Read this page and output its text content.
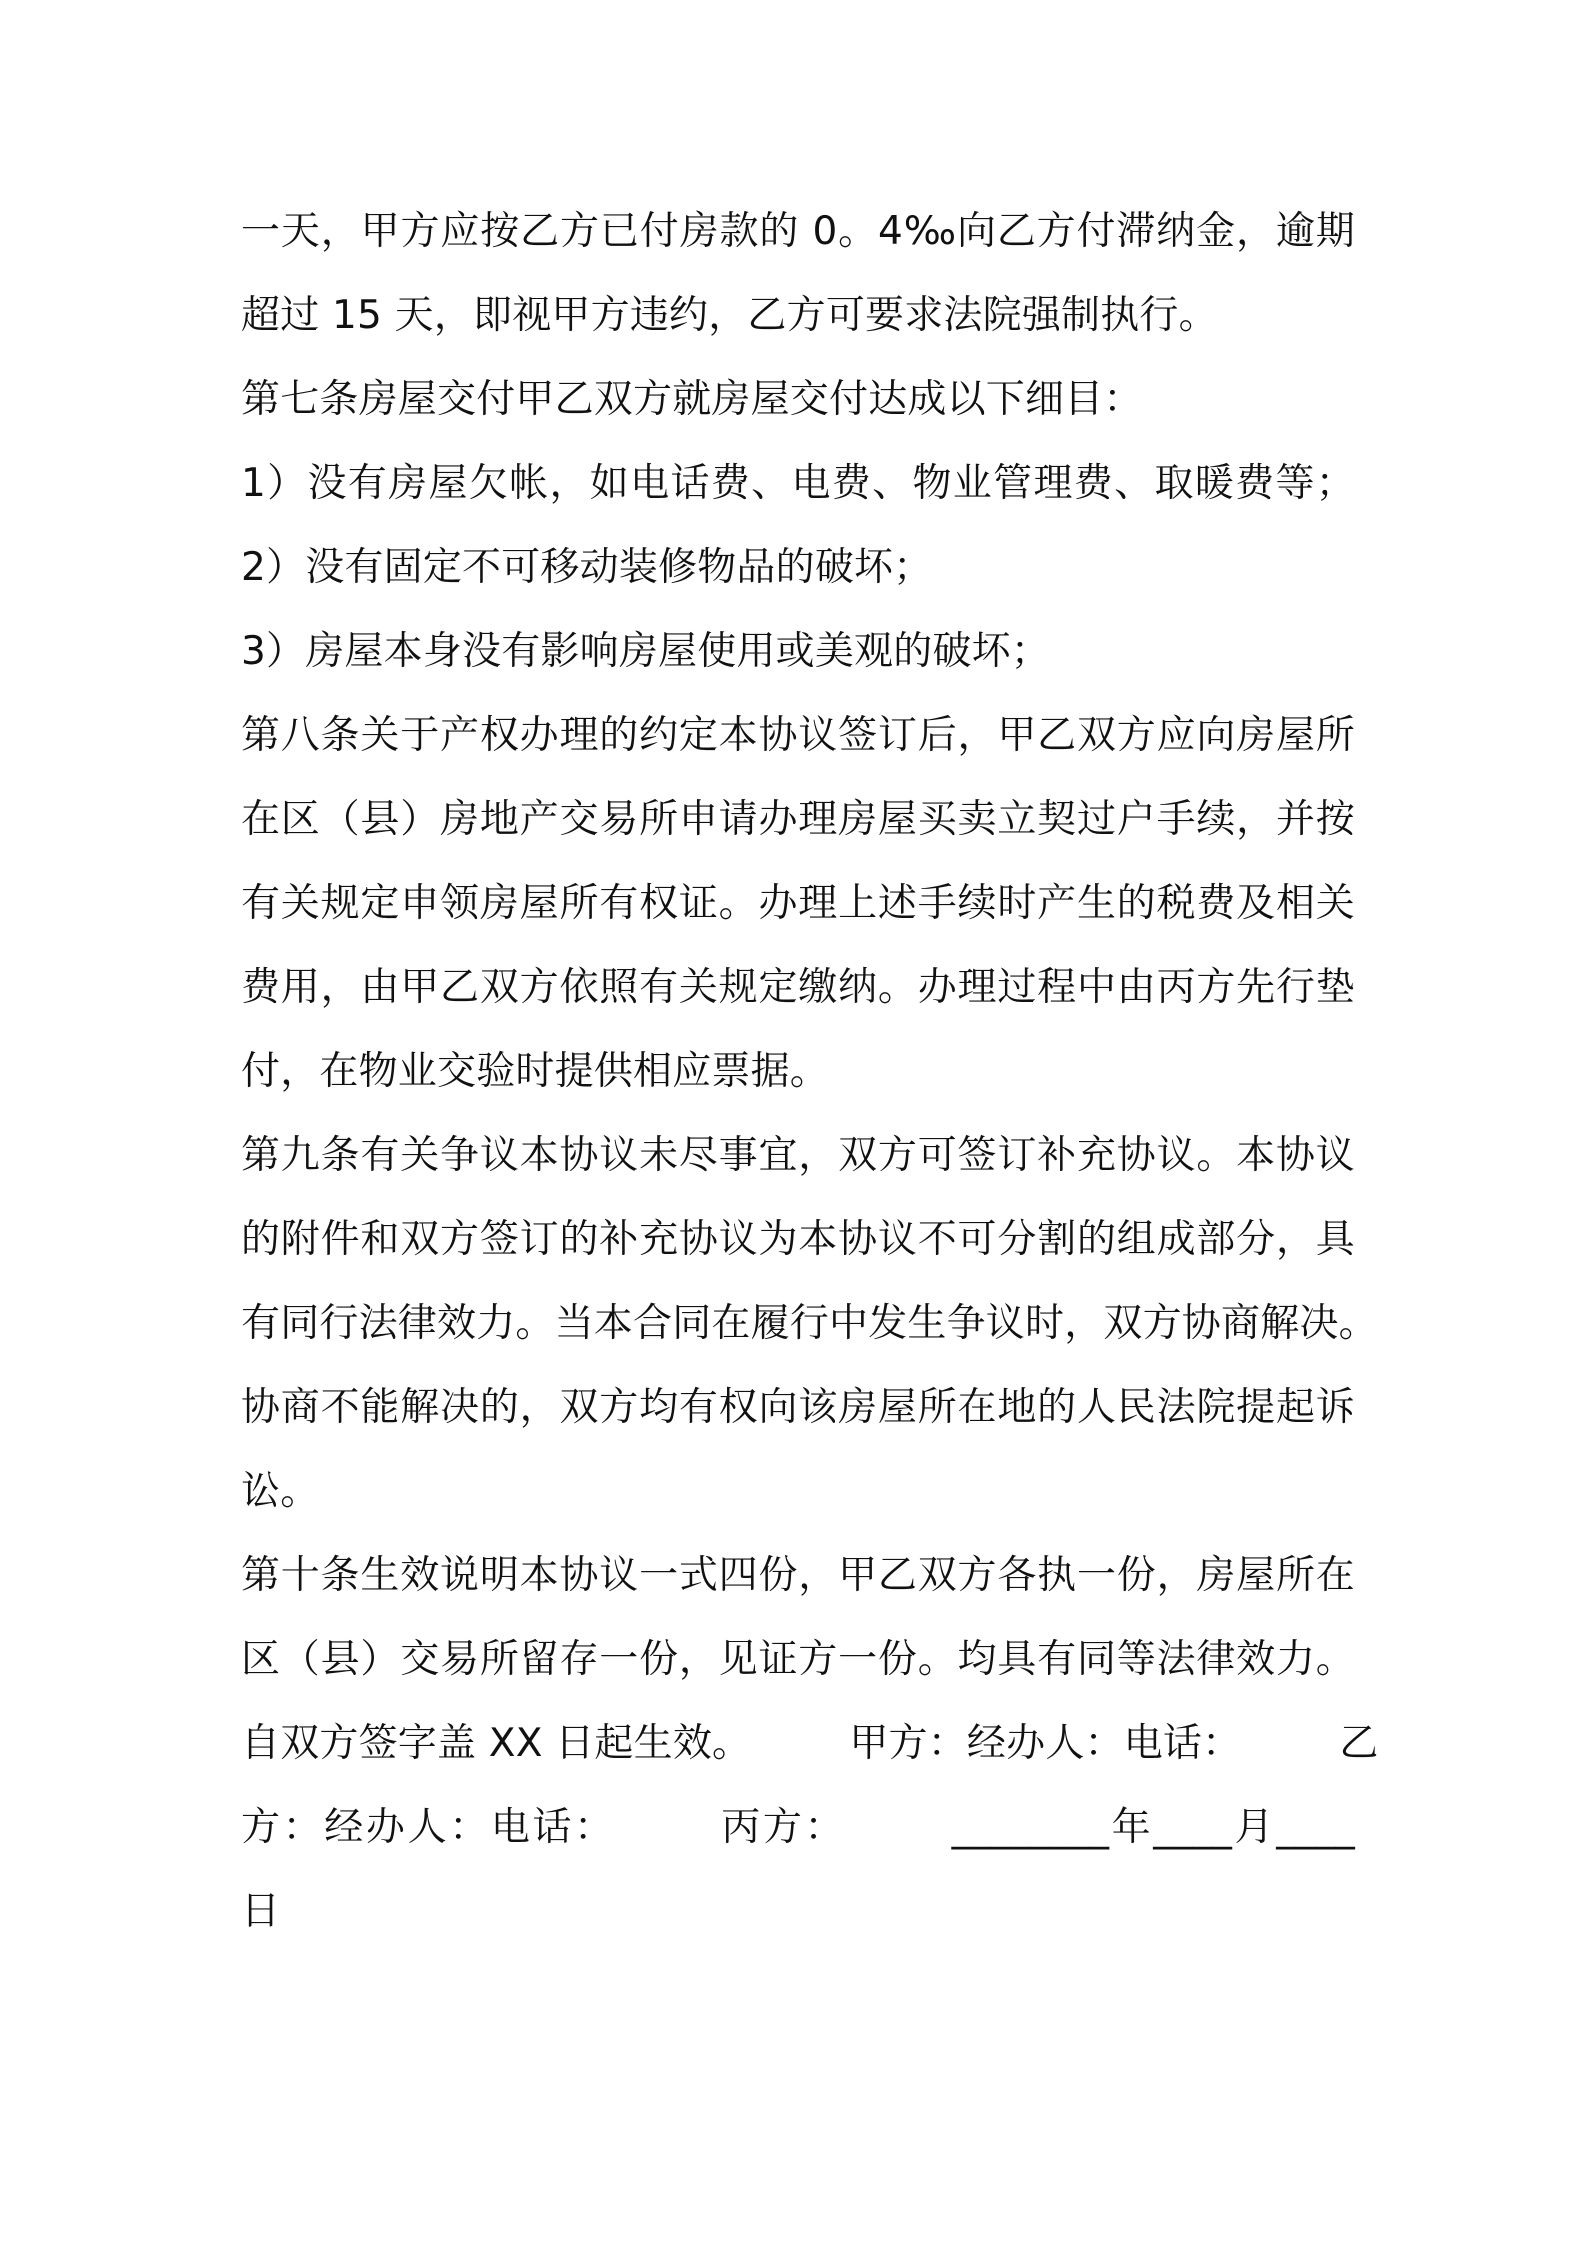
一天，甲方应按乙方已付房款的 0。4‰向乙方付滞纳金，逾期
超过 15 天，即视甲方违约，乙方可要求法院强制执行。
第七条房屋交付甲乙双方就房屋交付达成以下细目：
1）没有房屋欠帐，如电话费、电费、物业管理费、取暖费等；
2）没有固定不可移动装修物品的破坏；
3）房屋本身没有影响房屋使用或美观的破坏；
第八条关于产权办理的约定本协议签订后，甲乙双方应向房屋所
在区（县）房地产交易所申请办理房屋买卖立契过户手续，并按
有关规定申领房屋所有权证。办理上述手续时产生的税费及相关
费用，由甲乙双方依照有关规定缴纳。办理过程中由丙方先行垫
付，在物业交验时提供相应票据。
第九条有关争议本协议未尽事宜，双方可签订补充协议。本协议
的附件和双方签订的补充协议为本协议不可分割的组成部分，具
有同行法律效力。当本合同在履行中发生争议时，双方协商解决。
协商不能解决的，双方均有权向该房屋所在地的人民法院提起诉
讼。
第十条生效说明本协议一式四份，甲乙双方各执一份，房屋所在
区（县）交易所留存一份，见证方一份。均具有同等法律效力。
自双方签字盖 XX 日起生效。　　　甲方：经办人：电话：　　　乙
方：经办人：电话：　　　丙方：　　　________年____月____
日
